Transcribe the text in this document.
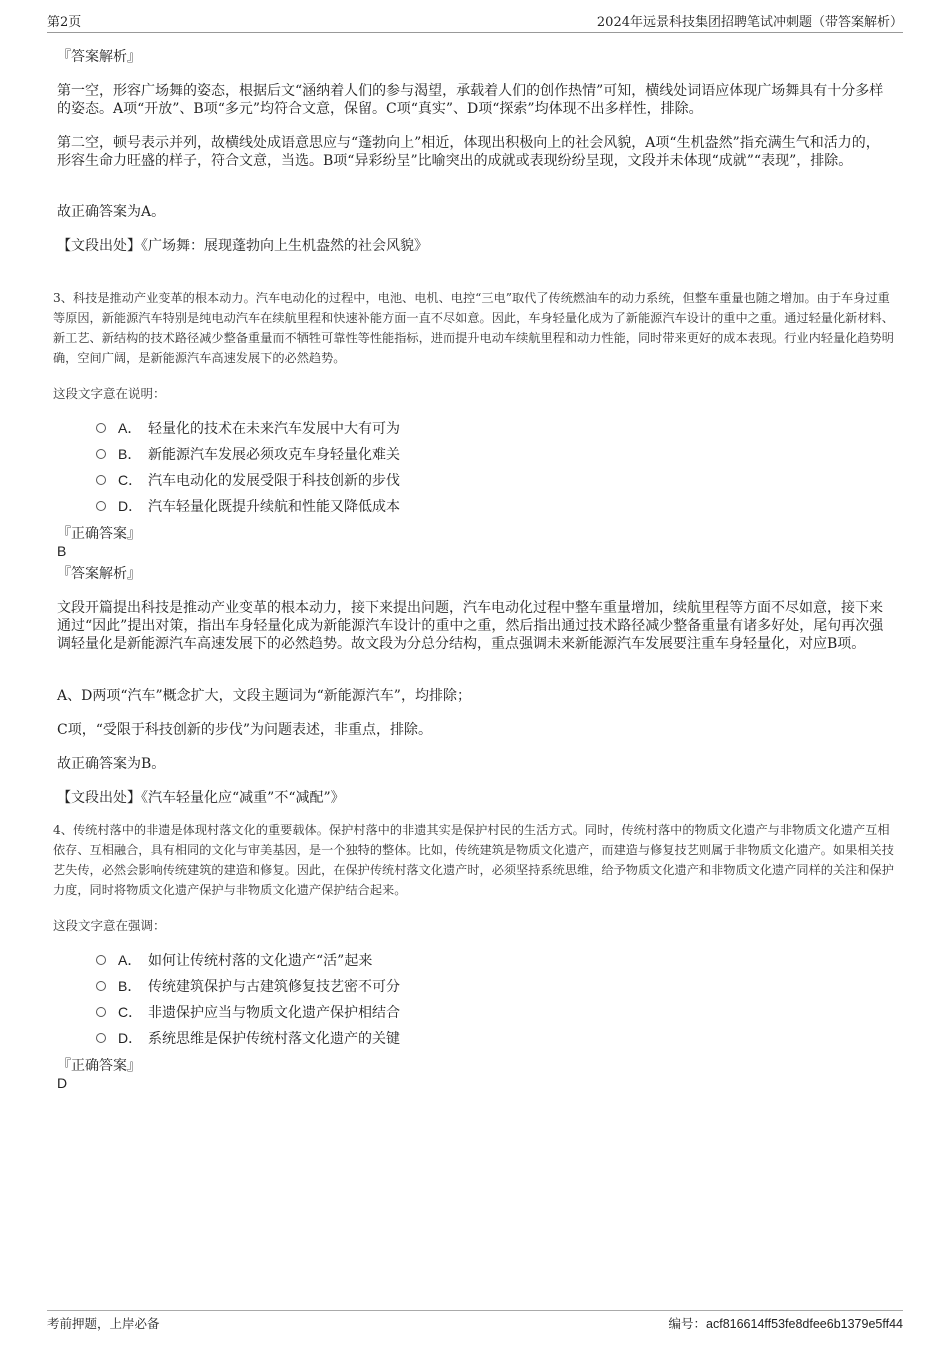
第2页	2024年远景科技集团招聘笔试冲刺题（带答案解析）
『答案解析』

第一空，形容广场舞的姿态，根据后文“涵纳着人们的参与渴望，承载着人们的创作热情”可知，横线处词语应体现广场舞具有十分多样的姿态。A项“开放”、B项“多元”均符合文意，保留。C项“真实”、D项“探索”均体现不出多样性，排除。

第二空，顿号表示并列，故横线处成语意思应与“蓬勃向上”相近，体现出积极向上的社会风貌，A项“生机盎然”指充满生气和活力的，形容生命力旺盛的样子，符合文意，当选。B项“异彩纷呈”比喻突出的成就或表现纷纷呈现，文段并未体现“成就”“表现”，排除。

故正确答案为A。

【文段出处】《广场舞：展现蓬勃向上生机盎然的社会风貌》

3、科技是推动产业变革的根本动力。汽车电动化的过程中，电池、电机、电控“三电”取代了传统燃油车的动力系统，但整车重量也随之增加。由于车身过重等原因，新能源汽车特别是纯电动汽车在续航里程和快速补能方面一直不尽如意。因此，车身轻量化成为了新能源汽车设计的重中之重。通过轻量化新材料、新工艺、新结构的技术路径减少整备重量而不牺牲可靠性等性能指标，进而提升电动车续航里程和动力性能，同时带来更好的成本表现。行业内轻量化趋势明确，空间广阔，是新能源汽车高速发展下的必然趋势。

这段文字意在说明：

A． 轻量化的技术在未来汽车发展中大有可为
B． 新能源汽车发展必须攻克车身轻量化难关
C． 汽车电动化的发展受限于科技创新的步伐
D． 汽车轻量化既提升续航和性能又降低成本
『正确答案』
B
『答案解析』

文段开篇提出科技是推动产业变革的根本动力，接下来提出问题，汽车电动化过程中整车重量增加，续航里程等方面不尽如意，接下来通过“因此”提出对策，指出车身轻量化成为新能源汽车设计的重中之重，然后指出通过技术路径减少整备重量有诸多好处，尾句再次强调轻量化是新能源汽车高速发展下的必然趋势。故文段为分总分结构，重点强调未来新能源汽车发展要注重车身轻量化，对应B项。

A、D两项“汽车”概念扩大，文段主题词为“新能源汽车”，均排除；

C项，“受限于科技创新的步伐”为问题表述，非重点，排除。

故正确答案为B。

【文段出处】《汽车轻量化应“减重”不“减配”》

4、传统村落中的非遗是体现村落文化的重要载体。保护村落中的非遗其实是保护村民的生活方式。同时，传统村落中的物质文化遗产与非物质文化遗产互相依存、互相融合，具有相同的文化与审美基因，是一个独特的整体。比如，传统建筑是物质文化遗产，而建造与修复技艺则属于非物质文化遗产。如果相关技艺失传，必然会影响传统建筑的建造和修复。因此，在保护传统村落文化遗产时，必须坚持系统思维，给予物质文化遗产和非物质文化遗产同样的关注和保护力度，同时将物质文化遗产保护与非物质文化遗产保护结合起来。

这段文字意在强调：

A． 如何让传统村落的文化遗产“活”起来
B． 传统建筑保护与古建筑修复技艺密不可分
C． 非遗保护应当与物质文化遗产保护相结合
D． 系统思维是保护传统村落文化遗产的关键
『正确答案』
D
考前押题，上岸必备	编号：acf816614ff53fe8dfee6b1379e5ff44
